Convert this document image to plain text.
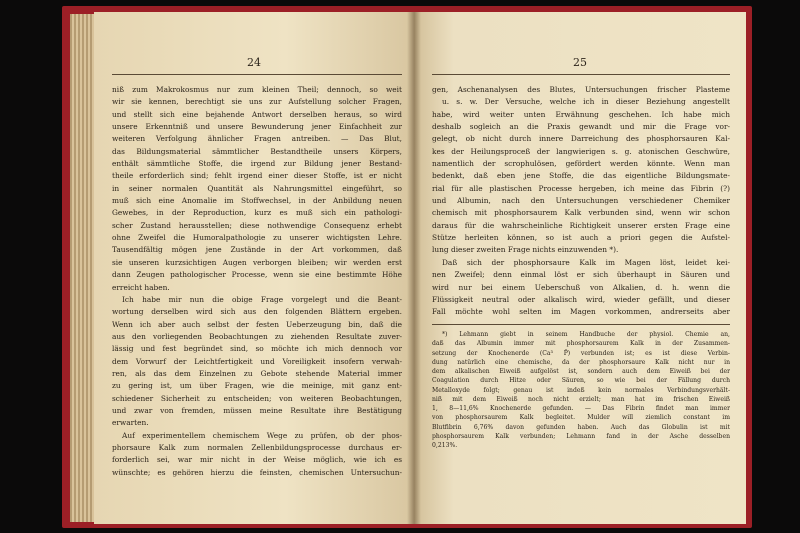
24
niß zum Makrokosmus nur zum kleinen Theil; dennoch, so weit
wir sie kennen, berechtigt sie uns zur Aufstellung solcher Fragen,
und stellt sich eine bejahende Antwort derselben heraus, so wird
unsere Erkenntniß und unsere Bewunderung jener Einfachheit zur
weiteren Verfolgung ähnlicher Fragen antreiben. — Das Blut,
das Bildungsmaterial sämmtlicher Bestandtheile unsers Körpers,
enthält sämmtliche Stoffe, die irgend zur Bildung jener Bestand-
theile erforderlich sind; fehlt irgend einer dieser Stoffe, ist er nicht
in seiner normalen Quantität als Nahrungsmittel eingeführt, so
muß sich eine Anomalie im Stoffwechsel, in der Anbildung neuen
Gewebes, in der Reproduction, kurz es muß sich ein pathologi-
scher Zustand herausstellen; diese nothwendige Consequenz erhebt
ohne Zweifel die Humoralpathologie zu unserer wichtigsten Lehre.
Tausendfältig mögen jene Zustände in der Art vorkommen, daß
sie unseren kurzsichtigen Augen verborgen bleiben; wir werden erst
dann Zeugen pathologischer Processe, wenn sie eine bestimmte Höhe
erreicht haben.
Ich habe mir nun die obige Frage vorgelegt und die Beant-
wortung derselben wird sich aus den folgenden Blättern ergeben.
Wenn ich aber auch selbst der festen Ueberzeugung bin, daß die
aus den vorliegenden Beobachtungen zu ziehenden Resultate zuver-
lässig und fest begründet sind, so möchte ich mich dennoch vor
dem Vorwurf der Leichtfertigkeit und Voreiligkeit insofern verwah-
ren, als das dem Einzelnen zu Gebote stehende Material immer
zu gering ist, um über Fragen, wie die meinige, mit ganz ent-
schiedener Sicherheit zu entscheiden; von weiteren Beobachtungen,
und zwar von fremden, müssen meine Resultate ihre Bestätigung
erwarten.
Auf experimentellem chemischem Wege zu prüfen, ob der phos-
phorsaure Kalk zum normalen Zellenbildungsprocesse durchaus er-
forderlich sei, war mir nicht in der Weise möglich, wie ich es
wünschte; es gehören hierzu die feinsten, chemischen Untersuchun-
25
gen, Aschenanalysen des Blutes, Untersuchungen frischer Plasteme
u. s. w. Der Versuche, welche ich in dieser Beziehung angestellt
habe, wird weiter unten Erwähnung geschehen. Ich habe mich
deshalb sogleich an die Praxis gewandt und mir die Frage vor-
gelegt, ob nicht durch innere Darreichung des phosphorsauren Kal-
kes der Heilungsproceß der langwierigen s. g. atonischen Geschwüre,
namentlich der scrophulösen, gefördert werden könnte. Wenn man
bedenkt, daß eben jene Stoffe, die das eigentliche Bildungsmate-
rial für alle plastischen Processe hergeben, ich meine das Fibrin (?)
und Albumin, nach den Untersuchungen verschiedener Chemiker
chemisch mit phosphorsaurem Kalk verbunden sind, wenn wir schon
daraus für die wahrscheinliche Richtigkeit unserer ersten Frage eine
Stütze herleiten können, so ist auch a priori gegen die Aufstel-
lung dieser zweiten Frage nichts einzuwenden *).
Daß sich der phosphorsaure Kalk im Magen löst, leidet kei-
nen Zweifel; denn einmal löst er sich überhaupt in Säuren und
wird nur bei einem Ueberschuß von Alkalien, d. h. wenn die
Flüssigkeit neutral oder alkalisch wird, wieder gefällt, und dieser
Fall möchte wohl selten im Magen vorkommen, andrerseits aber
*) Lehmann giebt in seinem Handbuche der physiol. Chemie an,
daß das Albumin immer mit phosphorsaurem Kalk in der Zusammen-
setzung der Knochenerde (Ca³ P̈) verbunden ist; es ist diese Verbin-
dung natürlich eine chemische, da der phosphorsaure Kalk nicht nur in
dem alkalischen Eiweiß aufgelöst ist, sondern auch dem Eiweiß bei der
Coagulation durch Hitze oder Säuren, so wie bei der Fällung durch
Metalloxyde folgt; genau ist indeß kein normales Verbindungsverhält-
niß mit dem Eiweiß noch nicht erzielt; man hat im frischen Eiweiß
1, 8—11,6% Knochenerde gefunden. — Das Fibrin findet man immer
von phosphorsaurem Kalk begleitet. Mulder will ziemlich constant im
Blutfibrin 6,76% davon gefunden haben. Auch das Globulin ist mit
phosphorsaurem Kalk verbunden; Lehmann fand in der Asche desselben
0,213%.
